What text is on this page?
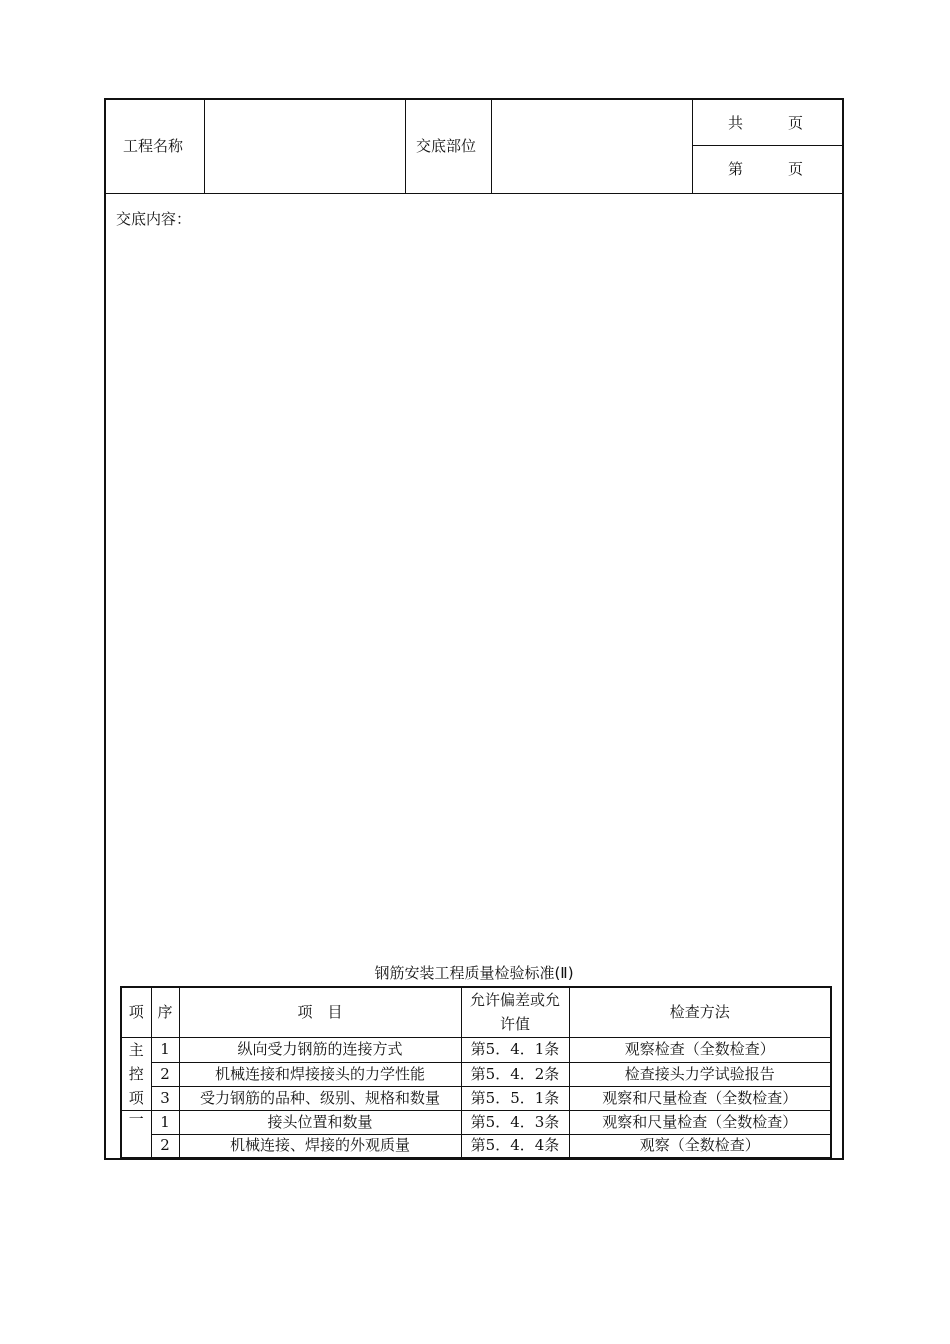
工程名称	交底部位
共　　　页
第　　　页
交底内容：
钢筋安装工程质量检验标准(Ⅱ)
项	序	项　目	允许偏差或允许值	检查方法
主控项	1	纵向受力钢筋的连接方式	第5．4．1条	观察检查（全数检查）
	2	机械连接和焊接接头的力学性能	第5．4．2条	检查接头力学试验报告
	3	受力钢筋的品种、级别、规格和数量	第5．5．1条	观察和尺量检查（全数检查）
一	1	接头位置和数量	第5．4．3条	观察和尺量检查（全数检查）
	2	机械连接、焊接的外观质量	第5．4．4条	观察（全数检查）
